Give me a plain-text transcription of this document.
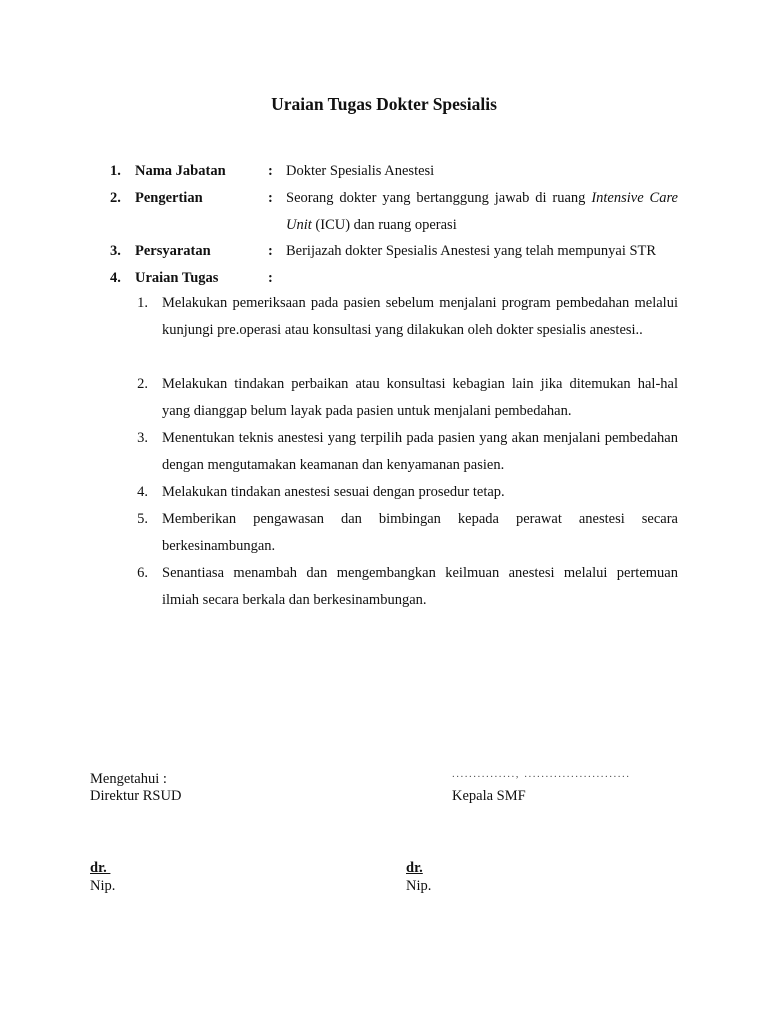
Uraian Tugas Dokter Spesialis
1. Nama Jabatan	: Dokter Spesialis Anestesi
2. Pengertian	: Seorang dokter yang bertanggung jawab di ruang Intensive Care Unit (ICU) dan ruang operasi
3. Persyaratan	: Berijazah dokter Spesialis Anestesi yang telah mempunyai STR
4. Uraian Tugas	:
1. Melakukan pemeriksaan pada pasien sebelum menjalani program pembedahan melalui kunjungi pre.operasi atau konsultasi yang dilakukan oleh dokter spesialis anestesi..
2. Melakukan tindakan perbaikan atau konsultasi kebagian lain jika ditemukan hal-hal yang dianggap belum layak pada pasien untuk menjalani pembedahan.
3. Menentukan teknis anestesi yang terpilih pada pasien yang akan menjalani pembedahan dengan mengutamakan keamanan dan kenyamanan pasien.
4. Melakukan tindakan anestesi sesuai dengan prosedur tetap.
5. Memberikan pengawasan dan bimbingan kepada perawat anestesi secara berkesinambungan.
6. Senantiasa menambah dan mengembangkan keilmuan anestesi melalui pertemuan ilmiah secara berkala dan berkesinambungan.
Mengetahui :
Direktur RSUD
..............., .........................
Kepala SMF
dr.
Nip.
dr.
Nip.
